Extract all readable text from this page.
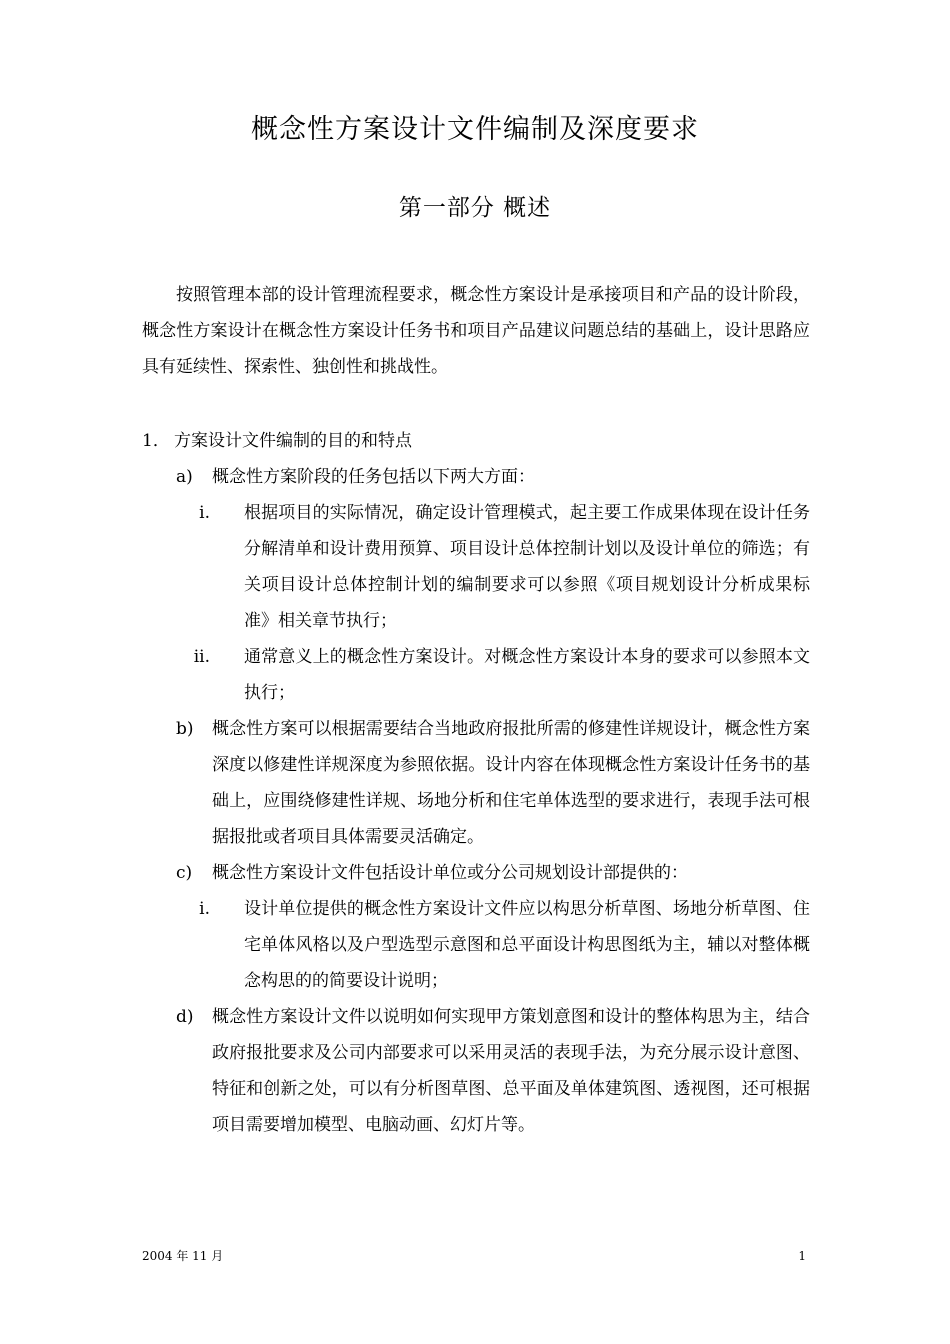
概念性方案设计文件编制及深度要求
第一部分 概述

按照管理本部的设计管理流程要求，概念性方案设计是承接项目和产品的设计阶段，概念性方案设计在概念性方案设计任务书和项目产品建议问题总结的基础上，设计思路应具有延续性、探索性、独创性和挑战性。

1． 方案设计文件编制的目的和特点
a)	概念性方案阶段的任务包括以下两大方面：
i.	根据项目的实际情况，确定设计管理模式，起主要工作成果体现在设计任务分解清单和设计费用预算、项目设计总体控制计划以及设计单位的筛选；有关项目设计总体控制计划的编制要求可以参照《项目规划设计分析成果标准》相关章节执行；
ii.	通常意义上的概念性方案设计。对概念性方案设计本身的要求可以参照本文执行；
b)	概念性方案可以根据需要结合当地政府报批所需的修建性详规设计，概念性方案深度以修建性详规深度为参照依据。设计内容在体现概念性方案设计任务书的基础上，应围绕修建性详规、场地分析和住宅单体选型的要求进行，表现手法可根据报批或者项目具体需要灵活确定。
c)	概念性方案设计文件包括设计单位或分公司规划设计部提供的：
i.	设计单位提供的概念性方案设计文件应以构思分析草图、场地分析草图、住宅单体风格以及户型选型示意图和总平面设计构思图纸为主，辅以对整体概念构思的的简要设计说明；
d)	概念性方案设计文件以说明如何实现甲方策划意图和设计的整体构思为主，结合政府报批要求及公司内部要求可以采用灵活的表现手法，为充分展示设计意图、特征和创新之处，可以有分析图草图、总平面及单体建筑图、透视图，还可根据项目需要增加模型、电脑动画、幻灯片等。
2004 年 11 月	1
